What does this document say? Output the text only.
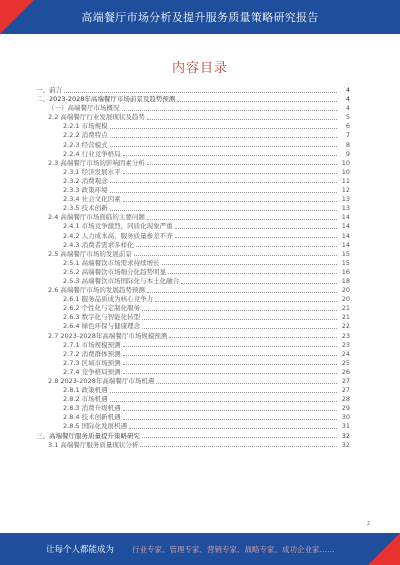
高端餐厅市场分析及提升服务质量策略研究报告
内容目录
一、前言	4
二、2023-2028年高端餐厅市场前景及趋势预测	4
（一）高端餐厅市场概况	4
2.2 高端餐厅行业发展现状及趋势	5
2.2.1 市场规模	6
2.2.2 消费特点	7
2.2.3 经营模式	8
2.2.4 行业竞争格局	9
2.3 高端餐厅市场的影响因素分析	10
2.3.1 经济发展水平	10
2.3.2 消费观念	11
2.3.3 政策环境	12
2.3.4 社会文化因素	13
2.3.5 技术创新	13
2.4 高端餐厅市场面临的主要问题	14
2.4.1 市场竞争激烈，同质化现象严重	14
2.4.2 人力成本高，服务质量参差不齐	14
2.4.3 消费者需求多样化	14
2.5 高端餐厅市场的发展前景	15
2.5.1 高端餐饮市场需求持续增长	15
2.5.2 高端餐饮市场细分化趋势明显	16
2.5.3 高端餐饮市场国际化与本土化融合	18
2.6 高端餐厅市场的发展趋势预测	20
2.6.1 服务品质成为核心竞争力	20
2.6.2 个性化与定制化服务	21
2.6.3 数字化与智能化转型	21
2.6.4 绿色环保与健康理念	22
2.7 2023-2028年高端餐厅市场规模预测	23
2.7.1 市场规模预测	23
2.7.2 消费群体预测	24
2.7.3 区域市场预测	25
2.7.4 竞争格局预测	26
2.8 2023-2028年高端餐厅市场机遇	27
2.8.1 政策机遇	27
2.8.2 市场机遇	28
2.8.3 消费升级机遇	29
2.8.4 技术创新机遇	30
2.8.5 国际化发展机遇	31
三、高端餐厅服务质量提升策略研究	32
3.1 高端餐厅服务质量现状分析	32
让每个人都能成为 行业专家、管理专家、营销专家、战略专家、成功企业家……
2
